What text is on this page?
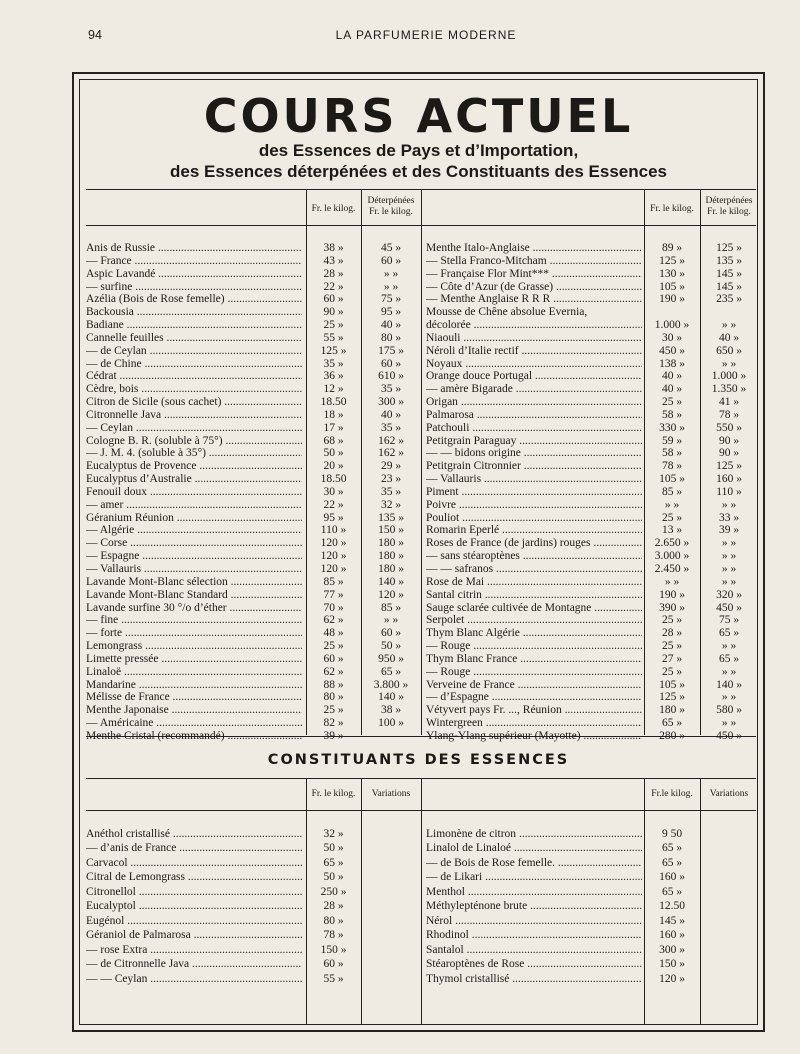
94	LA PARFUMERIE MODERNE
COURS ACTUEL
des Essences de Pays et d’Importation,
des Essences déterpénées et des Constituants des Essences
Fr. le kilog.
Déterpénées
Fr. le kilog.	Fr. le kilog.
Déterpénées
Fr. le kilog.
Anis de Russie .....	38 »	45 »
— France .....	43 »	60 »
Aspic Lavandé .....	28 »	» »
— surfine .....	22 »	» »
Azélia (Bois de Rose femelle) .....	60 »	75 »
Backousia .....	90 »	95 »
Badiane .....	25 »	40 »
Cannelle feuilles .....	55 »	80 »
— de Ceylan .....	125 »	175 »
— de Chine .....	35 »	60 »
Cédrat .....	36 »	610 »
Cèdre, bois .....	12 »	35 »
Citron de Sicile (sous cachet) .....	18.50	300 »
Citronnelle Java .....	18 »	40 »
— Ceylan .....	17 »	35 »
Cologne B. R. (soluble à 75°) .....	68 »	162 »
— J. M. 4. (soluble à 35°) .....	50 »	162 »
Eucalyptus de Provence .....	20 »	29 »
Eucalyptus d’Australie .....	18.50	23 »
Fenouil doux .....	30 »	35 »
— amer .....	22 »	32 »
Géranium Réunion .....	95 »	135 »
— Algérie .....	110 »	150 »
— Corse .....	120 »	180 »
— Espagne .....	120 »	180 »
— Vallauris .....	120 »	180 »
Lavande Mont-Blanc sélection .....	85 »	140 »
Lavande Mont-Blanc Standard .....	77 »	120 »
Lavande surfine 30 °/o d’éther .....	70 »	85 »
— fine .....	62 »	» »
— forte .....	48 »	60 »
Lemongrass .....	25 »	50 »
Limette pressée .....	60 »	950 »
Linaloë .....	62 »	65 »
Mandarine .....	88 »	3.800 »
Mélisse de France .....	80 »	140 »
Menthe Japonaise .....	25 »	38 »
— Américaine .....	82 »	100 »
Menthe Cristal (recommandé) .....	39 »
Menthe Italo-Anglaise .....	89 »	125 »
— Stella Franco-Mitcham .....	125 »	135 »
— Française Flor Mint*** .....	130 »	145 »
— Côte d’Azur (de Grasse) .....	105 »	145 »
— Menthe Anglaise R R R .....	190 »	235 »
Mousse de Chêne absolue Evernia,
décolorée .....	1.000 »	» »
Niaouli .....	30 »	40 »
Néroli d’Italie rectif .....	450 »	650 »
Noyaux .....	138 »	» »
Orange douce Portugal .....	40 »	1.000 »
— amère Bigarade .....	40 »	1.350 »
Origan .....	25 »	41 »
Palmarosa .....	58 »	78 »
Patchouli .....	330 »	550 »
Petitgrain Paraguay .....	59 »	90 »
— — bidons origine .....	58 »	90 »
Petitgrain Citronnier .....	78 »	125 »
— Vallauris .....	105 »	160 »
Piment .....	85 »	110 »
Poivre .....	» »	» »
Pouliot .....	25 »	33 »
Romarin Eperlé .....	13 »	39 »
Roses de France (de jardins) rouges .....	2.650 »	» »
— sans stéaroptènes .....	3.000 »	» »
— — safranos .....	2.450 »	» »
Rose de Mai .....	» »	» »
Santal citrin .....	190 »	320 »
Sauge sclarée cultivée de Montagne .....	390 »	450 »
Serpolet .....	25 »	75 »
Thym Blanc Algérie .....	28 »	65 »
— Rouge .....	25 »	» »
Thym Blanc France .....	27 »	65 »
— Rouge .....	25 »	» »
Verveine de France .....	105 »	140 »
— d’Espagne .....	125 »	» »
Vétyvert pays Fr. ..., Réunion .....	180 »	580 »
Wintergreen .....	65 »	» »
Ylang-Ylang supérieur (Mayotte) .....	280 »	450 »
CONSTITUANTS DES ESSENCES
Fr. le kilog.	Variations	Fr.le kilog.	Variations
Anéthol cristallisé .....	32 »
— d’anis de France .....	50 »
Carvacol .....	65 »
Citral de Lemongrass .....	50 »
Citronellol .....	250 »
Eucalyptol .....	28 »
Eugénol .....	80 »
Géraniol de Palmarosa .....	78 »
— rose Extra .....	150 »
— de Citronnelle Java .....	60 »
— — Ceylan .....	55 »
Limonène de citron .....	9 50
Linalol de Linaloé .....	65 »
— de Bois de Rose femelle. .....	65 »
— de Likari .....	160 »
Menthol .....	65 »
Méthylepténone brute .....	12.50
Nérol .....	145 »
Rhodinol .....	160 »
Santalol .....	300 »
Stéaroptènes de Rose .....	150 »
Thymol cristallisé .....	120 »
